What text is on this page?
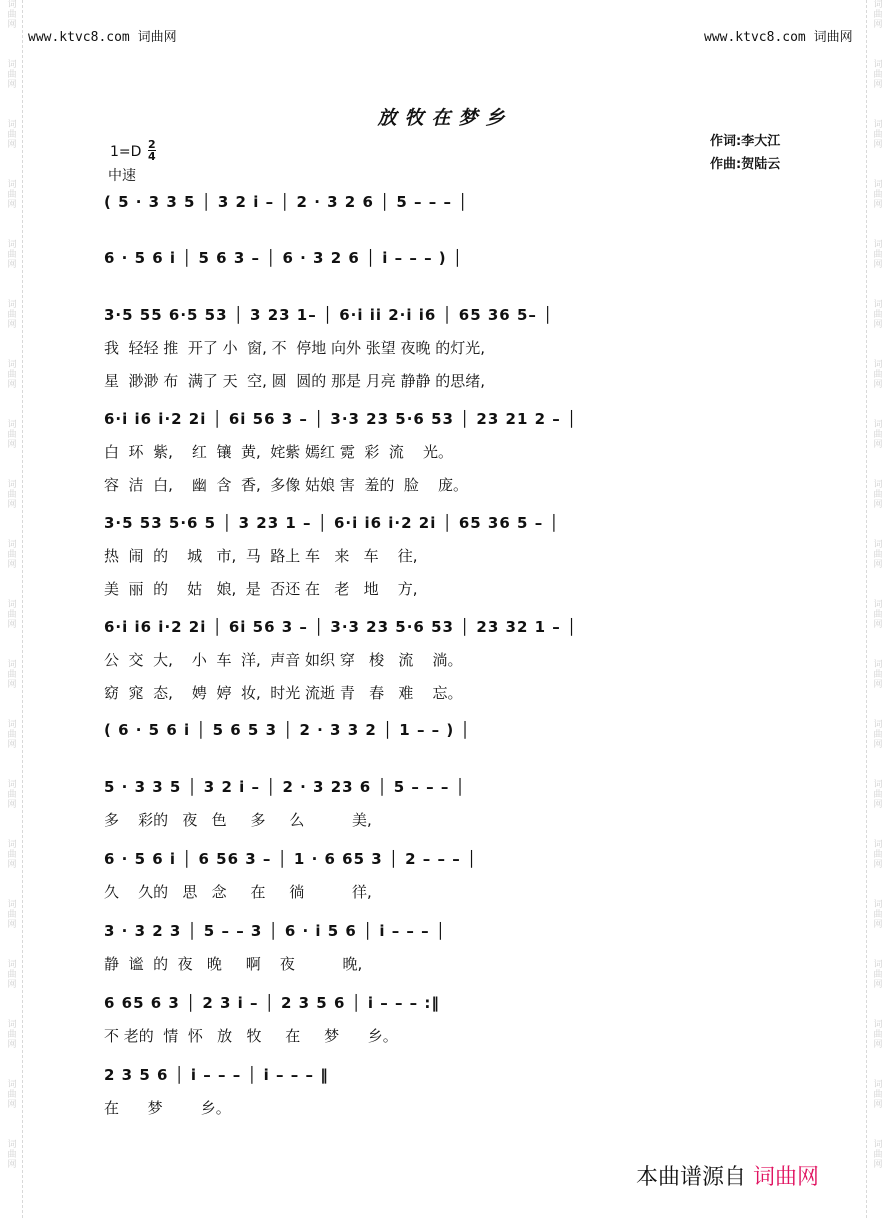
词
曲
网
词
曲
网
词
曲
网
词
曲
网
词
曲
网
词
曲
网
词
曲
网
词
曲
网
词
曲
网
词
曲
网
词
曲
网
词
曲
网
词
曲
网
词
曲
网
词
曲
网
词
曲
网
词
曲
网
词
曲
网
词
曲
网
词
曲
网
词
曲
网
词
曲
网
词
曲
网
词
曲
网
词
曲
网
词
曲
网
词
曲
网
词
曲
网
词
曲
网
词
曲
网
词
曲
网
词
曲
网
词
曲
网
词
曲
网
词
曲
网
词
曲
网
词
曲
网
词
曲
网
词
曲
网
词
曲
网
www.ktvc8.com 词曲网	www.ktvc8.com 词曲网
放牧在梦乡
作词:李大江
作曲:贺陆云
$1=D \frac{2}{4}$
中速
( 5 · 3 3 5 │ 3 2 i – │ 2 · 3 2 6 │ 5 – – – │
6 · 5 6 i │ 5 6 3 – │ 6 · 3 2 6 │ i – – – ) │
3·5 55 6·5 53 │ 3 23 1– │ 6·i ii 2·i i6 │ 65 36 5– │
我  轻轻 推  开了 小  窗, 不  停地 向外 张望 夜晚 的灯光,
星  渺渺 布  满了 天  空, 圆  圆的 那是 月亮 静静 的思绪,
6·i i6 i·2 2i │ 6i 56 3 – │ 3·3 23 5·6 53 │ 23 21 2 – │
白  环  紫,    红  镶  黄,  姹紫 嫣红 霓  彩  流    光。
容  洁  白,    幽  含  香,  多像 姑娘 害  羞的  脸    庞。
3·5 53 5·6 5 │ 3 23 1 – │ 6·i i6 i·2 2i │ 65 36 5 – │
热  闹  的    城   市,  马  路上 车   来   车    往,
美  丽  的    姑   娘,  是  否还 在   老   地    方,
6·i i6 i·2 2i │ 6i 56 3 – │ 3·3 23 5·6 53 │ 23 32 1 – │
公  交  大,    小  车  洋,  声音 如织 穿   梭   流    淌。
窈  窕  态,    娉  婷  妆,  时光 流逝 青   春   难    忘。
( 6 · 5 6 i │ 5 6 5 3 │ 2 · 3 3 2 │ 1 – – ) │
5 · 3 3 5 │ 3 2 i – │ 2 · 3 23 6 │ 5 – – – │
多    彩的   夜   色     多     么          美,
6 · 5 6 i │ 6 56 3 – │ 1 · 6 65 3 │ 2 – – – │
久    久的   思   念     在     徜          徉,
3 · 3 2 3 │ 5 – – 3 │ 6 · i 5 6 │ i – – – │
静  谧  的  夜   晚     啊    夜          晚,
6 65 6 3 │ 2 3 i – │ 2 3 5 6 │ i – – – :‖
不 老的  情  怀   放   牧     在     梦      乡。
2 3 5 6 │ i – – – │ i – – – ‖
在      梦        乡。
本曲谱源自 词曲网
